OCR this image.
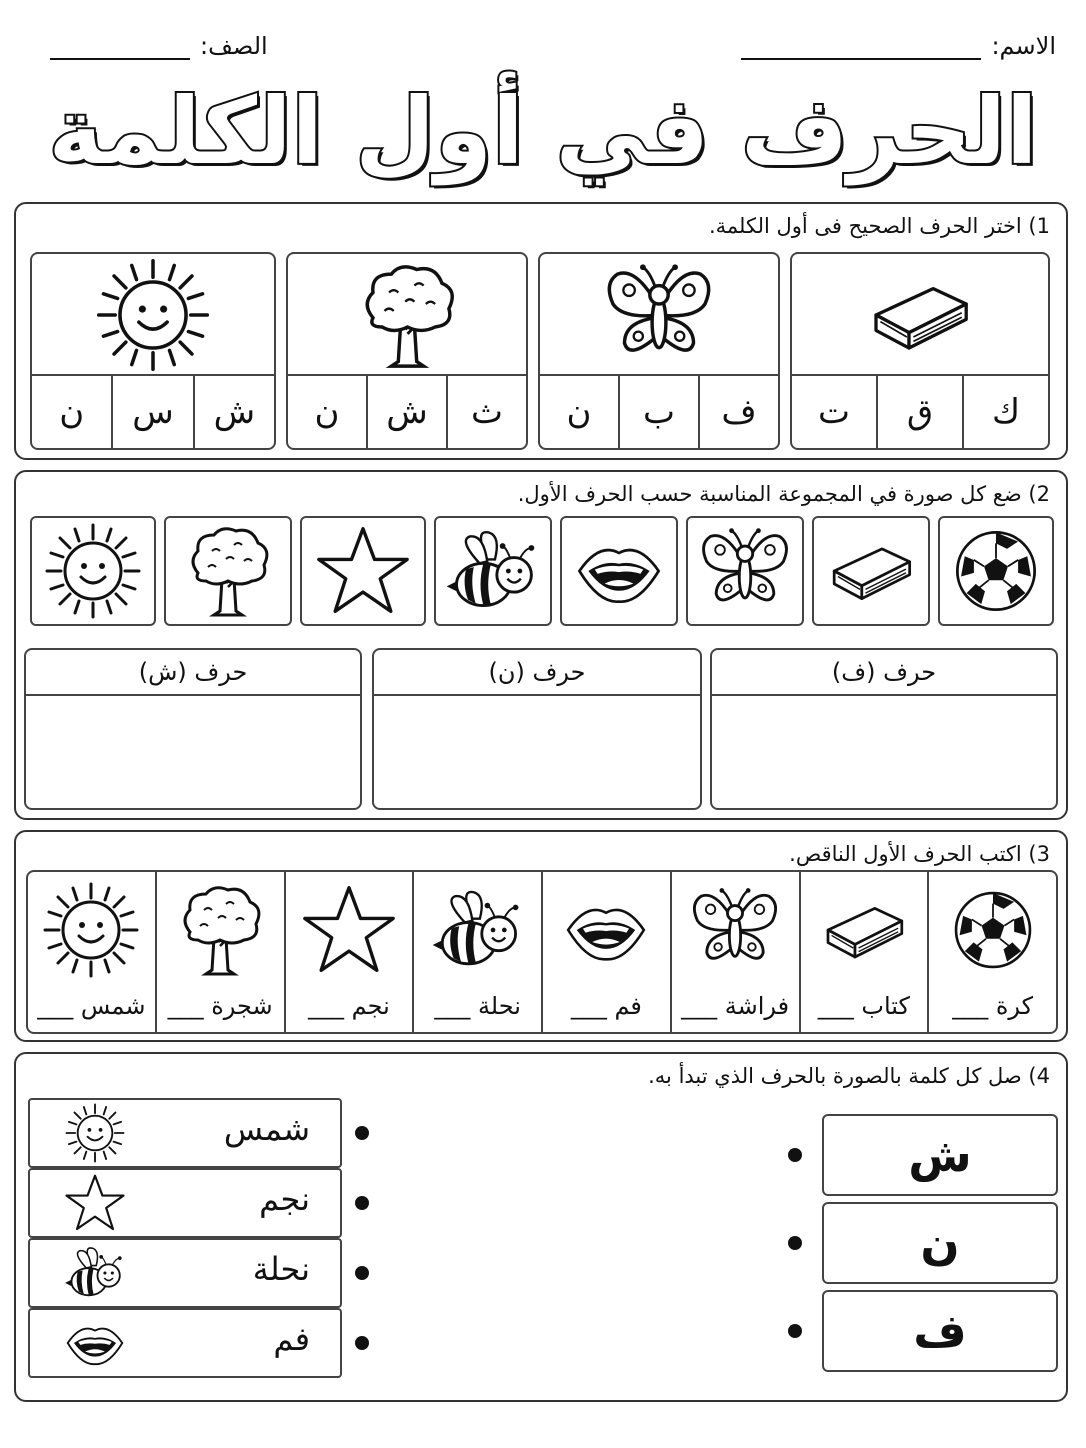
الاسم:
الصف:
الحرف في أول الكلمة
1) اختر الحرف الصحيح فى أول الكلمة.
ك
ق
ت
ف
ب
ن
ث
ش
ن
ش
س
ن
2) ضع كل صورة في المجموعة المناسبة حسب الحرف الأول.
حرف (ف)
حرف (ن)
حرف (ش)
3) اكتب الحرف الأول الناقص.
كرة ___
كتاب ___
فراشة ___
فم ___
نحلة ___
نجم ___
شجرة ___
شمس ___
4) صل كل كلمة بالصورة بالحرف الذي تبدأ به.
شمس
نجم
نحلة
فم
ش
ن
ف
